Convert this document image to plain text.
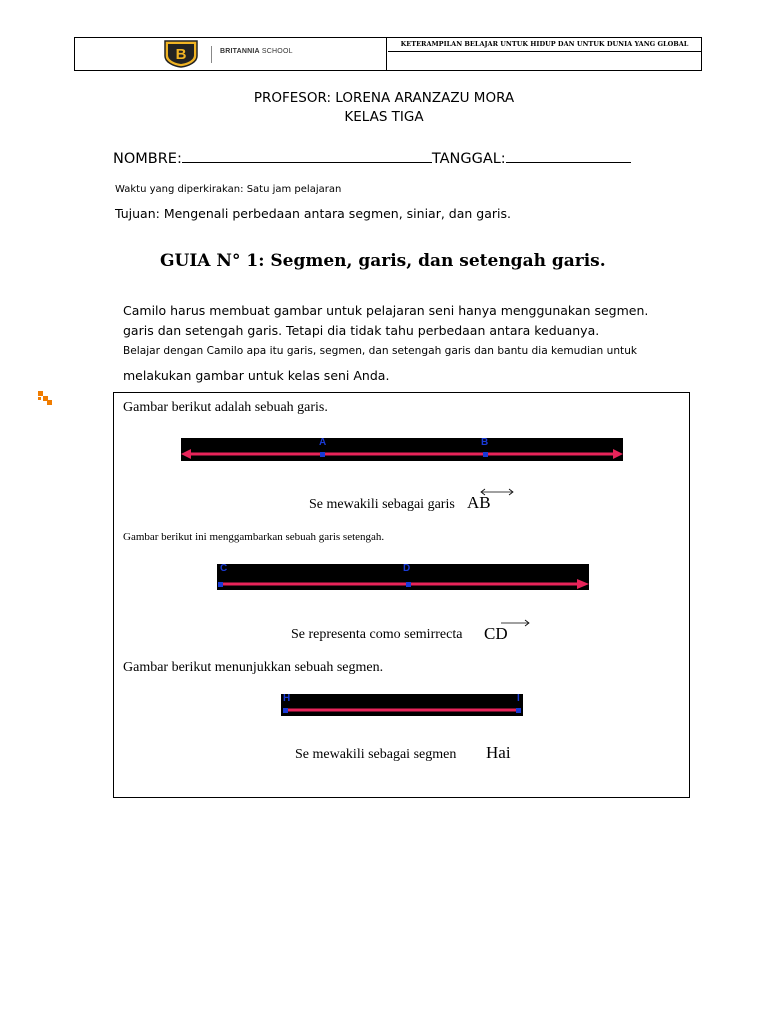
B	BRITANNIA SCHOOL
KETERAMPILAN BELAJAR UNTUK HIDUP DAN UNTUK DUNIA YANG GLOBAL
PROFESOR: LORENA ARANZAZU MORA
KELAS TIGA
NOMBRE:	TANGGAL:
Waktu yang diperkirakan: Satu jam pelajaran
Tujuan: Mengenali perbedaan antara segmen, siniar, dan garis.
GUIA N° 1: Segmen, garis, dan setengah garis.
Camilo harus membuat gambar untuk pelajaran seni hanya menggunakan segmen.
garis dan setengah garis. Tetapi dia tidak tahu perbedaan antara keduanya.
Belajar dengan Camilo apa itu garis, segmen, dan setengah garis dan bantu dia kemudian untuk
melakukan gambar untuk kelas seni Anda.
Gambar berikut adalah sebuah garis.
A	B
Se mewakili sebagai garis AB
Gambar berikut ini menggambarkan sebuah garis setengah.
C	D
Se representa como semirrecta CD
Gambar berikut menunjukkan sebuah segmen.
H	I
Se mewakili sebagai segmen Hai
